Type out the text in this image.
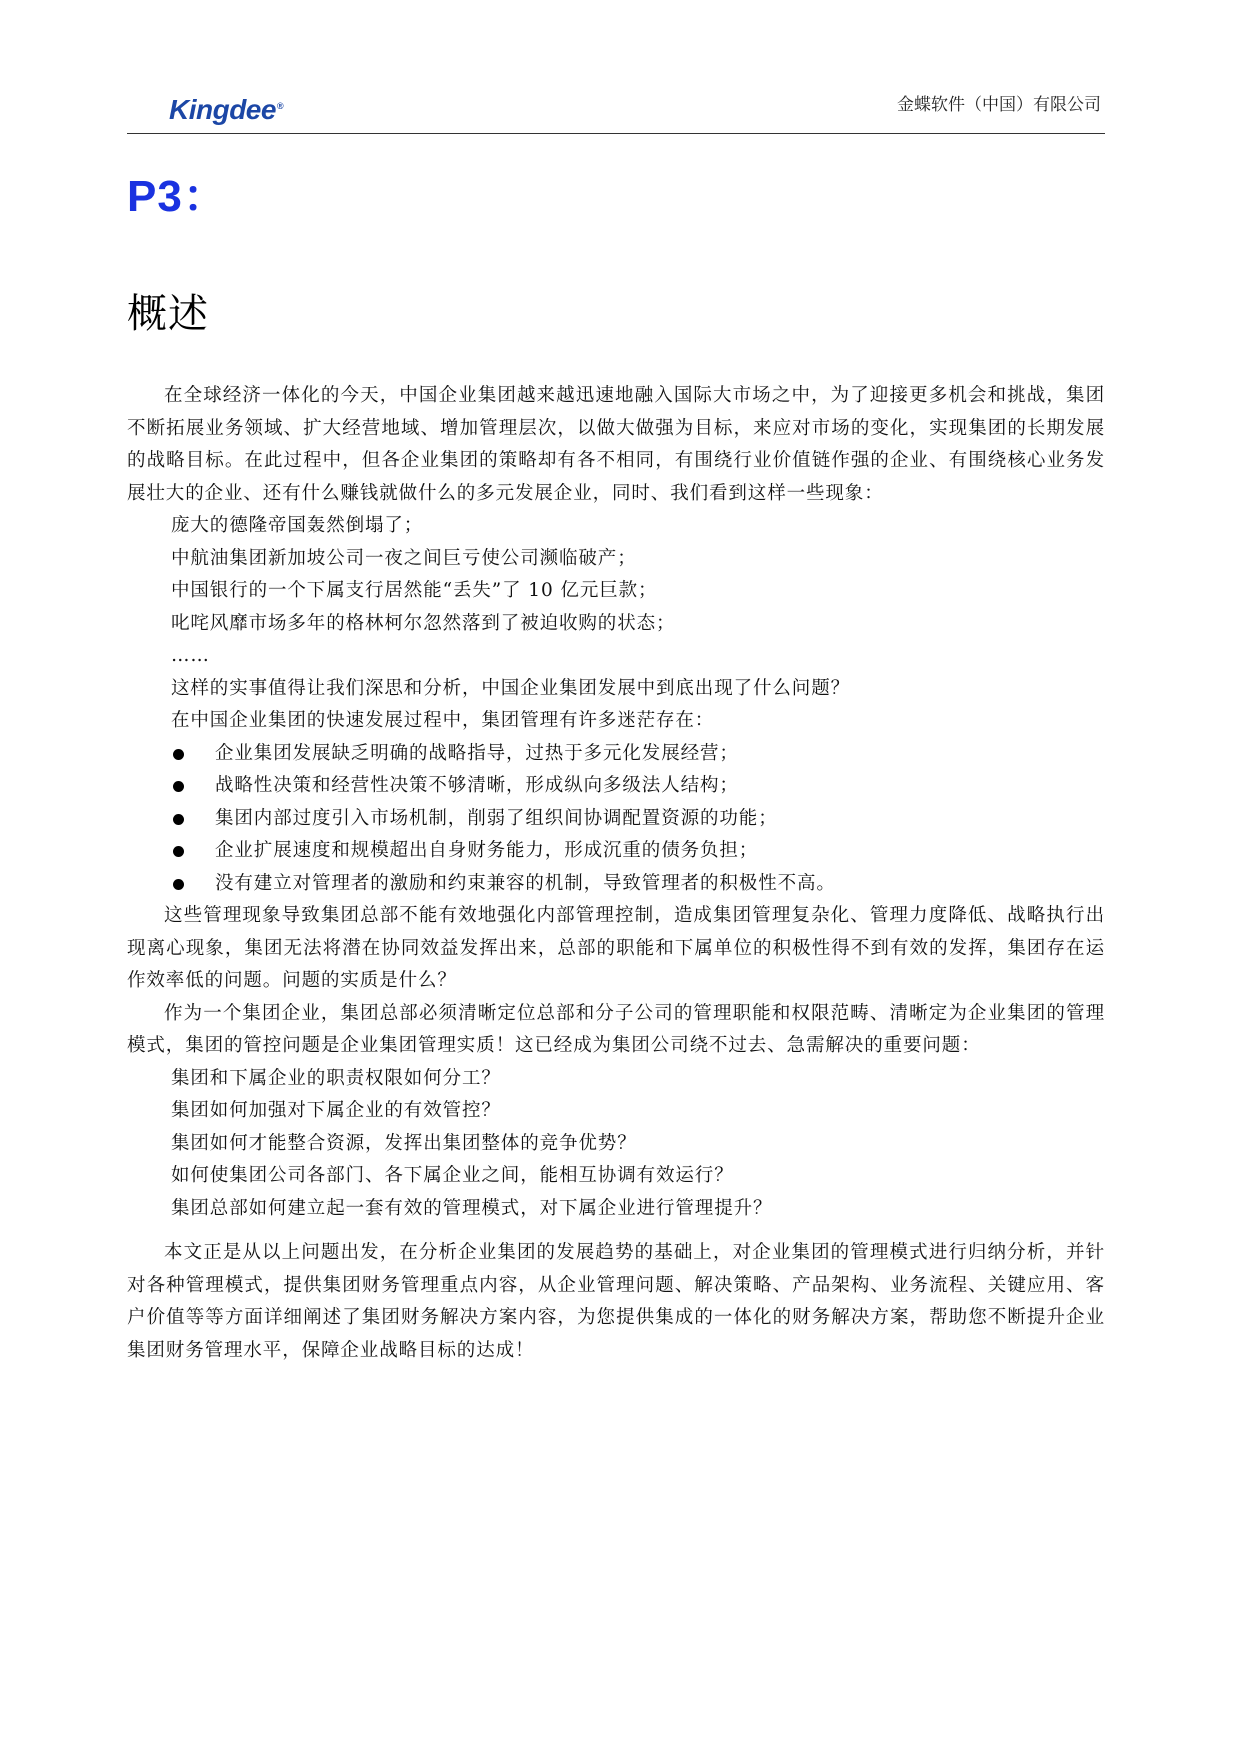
Kingdee®	金蝶软件（中国）有限公司
P3：
概述

在全球经济一体化的今天，中国企业集团越来越迅速地融入国际大市场之中，为了迎接更多机会和挑战，集团不断拓展业务领域、扩大经营地域、增加管理层次，以做大做强为目标，来应对市场的变化，实现集团的长期发展的战略目标。在此过程中，但各企业集团的策略却有各不相同，有围绕行业价值链作强的企业、有围绕核心业务发展壮大的企业、还有什么赚钱就做什么的多元发展企业，同时、我们看到这样一些现象：

庞大的德隆帝国轰然倒塌了；

中航油集团新加坡公司一夜之间巨亏使公司濒临破产；

中国银行的一个下属支行居然能“丢失”了 10 亿元巨款；

叱咤风靡市场多年的格林柯尔忽然落到了被迫收购的状态；

……

这样的实事值得让我们深思和分析，中国企业集团发展中到底出现了什么问题？

在中国企业集团的快速发展过程中，集团管理有许多迷茫存在：

企业集团发展缺乏明确的战略指导，过热于多元化发展经营；
战略性决策和经营性决策不够清晰，形成纵向多级法人结构；
集团内部过度引入市场机制，削弱了组织间协调配置资源的功能；
企业扩展速度和规模超出自身财务能力，形成沉重的债务负担；
没有建立对管理者的激励和约束兼容的机制，导致管理者的积极性不高。

这些管理现象导致集团总部不能有效地强化内部管理控制，造成集团管理复杂化、管理力度降低、战略执行出现离心现象，集团无法将潜在协同效益发挥出来，总部的职能和下属单位的积极性得不到有效的发挥，集团存在运作效率低的问题。问题的实质是什么？

作为一个集团企业，集团总部必须清晰定位总部和分子公司的管理职能和权限范畴、清晰定为企业集团的管理模式，集团的管控问题是企业集团管理实质！这已经成为集团公司绕不过去、急需解决的重要问题：

集团和下属企业的职责权限如何分工？

集团如何加强对下属企业的有效管控？

集团如何才能整合资源，发挥出集团整体的竞争优势？

如何使集团公司各部门、各下属企业之间，能相互协调有效运行？

集团总部如何建立起一套有效的管理模式，对下属企业进行管理提升？

本文正是从以上问题出发，在分析企业集团的发展趋势的基础上，对企业集团的管理模式进行归纳分析，并针对各种管理模式，提供集团财务管理重点内容，从企业管理问题、解决策略、产品架构、业务流程、关键应用、客户价值等等方面详细阐述了集团财务解决方案内容，为您提供集成的一体化的财务解决方案，帮助您不断提升企业集团财务管理水平，保障企业战略目标的达成！
